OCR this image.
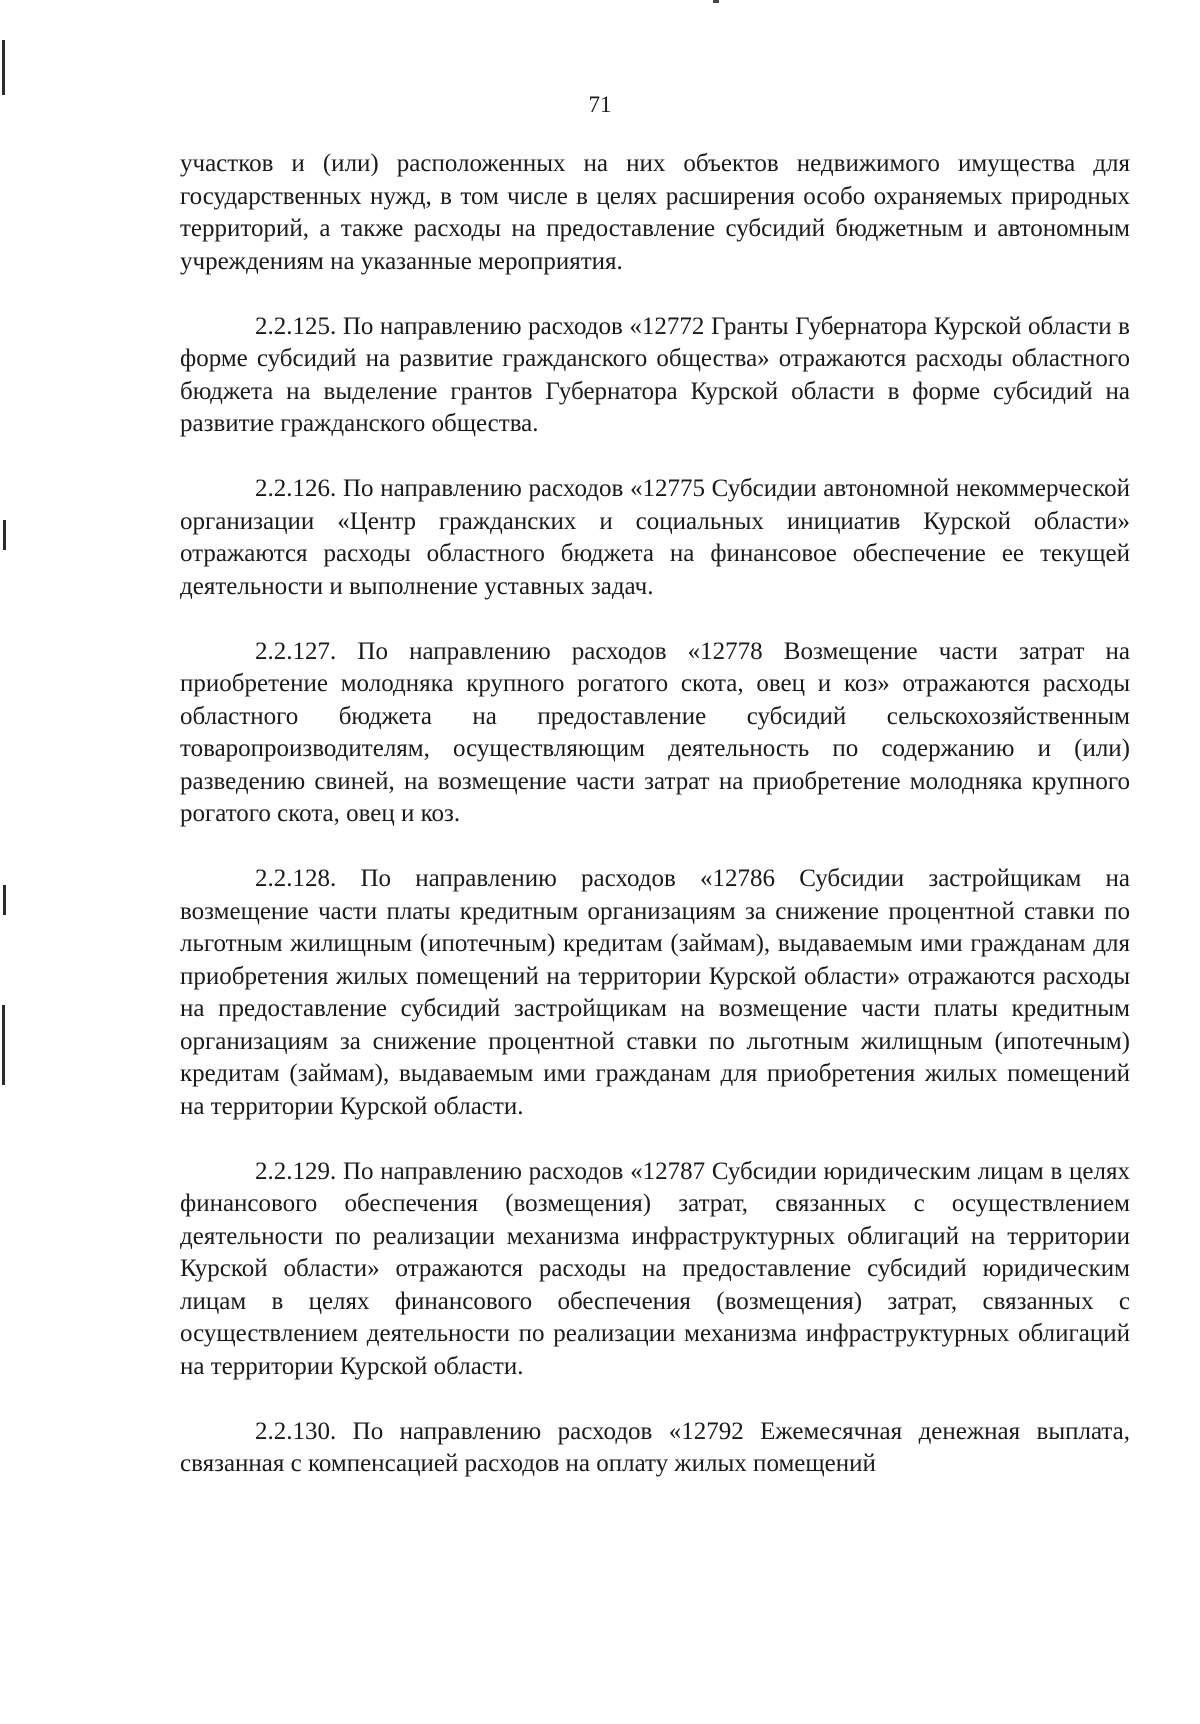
71

участков и (или) расположенных на них объектов недвижимого имущества для государственных нужд, в том числе в целях расширения особо охраняемых природных территорий, а также расходы на предоставление субсидий бюджетным и автономным учреждениям на указанные мероприятия.

2.2.125. По направлению расходов «12772 Гранты Губернатора Курской области в форме субсидий на развитие гражданского общества» отражаются расходы областного бюджета на выделение грантов Губернатора Курской области в форме субсидий на развитие гражданского общества.

2.2.126. По направлению расходов «12775 Субсидии автономной некоммерческой организации «Центр гражданских и социальных инициатив Курской области» отражаются расходы областного бюджета на финансовое обеспечение ее текущей деятельности и выполнение уставных задач.

2.2.127. По направлению расходов «12778 Возмещение части затрат на приобретение молодняка крупного рогатого скота, овец и коз» отражаются расходы областного бюджета на предоставление субсидий сельскохозяйственным товаропроизводителям, осуществляющим деятельность по содержанию и (или) разведению свиней, на возмещение части затрат на приобретение молодняка крупного рогатого скота, овец и коз.

2.2.128. По направлению расходов «12786 Субсидии застройщикам на возмещение части платы кредитным организациям за снижение процентной ставки по льготным жилищным (ипотечным) кредитам (займам), выдаваемым ими гражданам для приобретения жилых помещений на территории Курской области» отражаются расходы на предоставление субсидий застройщикам на возмещение части платы кредитным организациям за снижение процентной ставки по льготным жилищным (ипотечным) кредитам (займам), выдаваемым ими гражданам для приобретения жилых помещений на территории Курской области.

2.2.129. По направлению расходов «12787 Субсидии юридическим лицам в целях финансового обеспечения (возмещения) затрат, связанных с осуществлением деятельности по реализации механизма инфраструктурных облигаций на территории Курской области» отражаются расходы на предоставление субсидий юридическим лицам в целях финансового обеспечения (возмещения) затрат, связанных с осуществлением деятельности по реализации механизма инфраструктурных облигаций на территории Курской области.

2.2.130. По направлению расходов «12792 Ежемесячная денежная выплата, связанная с компенсацией расходов на оплату жилых помещений
